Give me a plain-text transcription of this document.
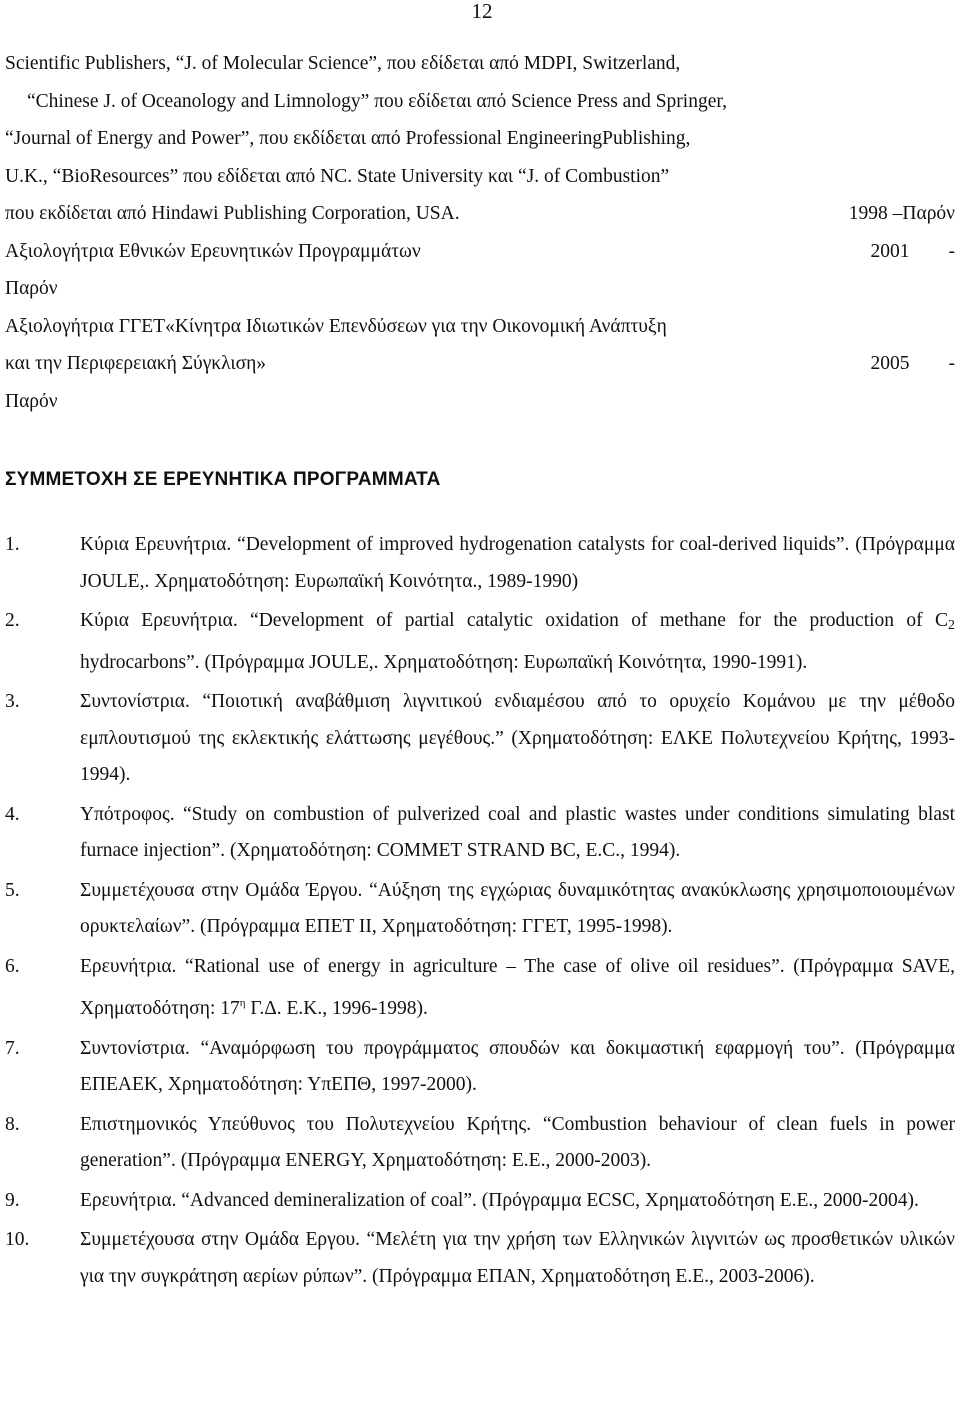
12
Scientific Publishers, “J. of Molecular Science”, που εδίδεται από MDPI, Switzerland,
“Chinese J. of Oceanology and Limnology” που εδίδεται από Science Press and Springer,
“Journal of Energy and Power”, που εκδίδεται από Professional EngineeringPublishing,
U.K., “BioResources” που εδίδεται από NC. State University και “J. of Combustion”
που εκδίδεται από Hindawi Publishing Corporation, USA.	1998 –Παρόν
Αξιολογήτρια Εθνικών Ερευνητικών Προγραμμάτων	2001        -
Παρόν
Αξιολογήτρια ΓΓΕΤ«Κίνητρα Ιδιωτικών Επενδύσεων για την Οικονομική Ανάπτυξη
και την Περιφερειακή Σύγκλιση»	2005        -
Παρόν
ΣΥΜΜΕΤΟΧΗ ΣΕ ΕΡΕΥΝΗΤΙΚΑ ΠΡΟΓΡΑΜΜΑΤΑ
1.	Κύρια Ερευνήτρια. “Development of improved hydrogenation catalysts for coal-derived liquids”. (Πρόγραμμα JOULE,. Χρηματοδότηση: Ευρωπαϊκή Κοινότητα., 1989-1990)
2.	Κύρια Ερευνήτρια. “Development of partial catalytic oxidation of methane for the production of $C_2$ hydrocarbons”. (Πρόγραμμα JOULE,. Χρηματοδότηση: Ευρωπαϊκή Κοινότητα, 1990-1991).
3.	Συντονίστρια. “Ποιοτική αναβάθμιση λιγνιτικού ενδιαμέσου από το ορυχείο Κομάνου με την μέθοδο εμπλουτισμού της εκλεκτικής ελάττωσης μεγέθους.” (Χρηματοδότηση: ΕΛΚΕ Πολυτεχνείου Κρήτης, 1993-1994).
4.	Υπότροφος. “Study on combustion of pulverized coal and plastic wastes under conditions simulating blast furnace injection”. (Χρηματοδότηση: COMMET STRAND BC, E.C., 1994).
5.	Συμμετέχουσα στην Ομάδα Έργου. “Αύξηση της εγχώριας δυναμικότητας ανακύκλωσης χρησιμοποιουμένων ορυκτελαίων”. (Πρόγραμμα ΕΠΕΤ ΙΙ, Χρηματοδότηση: ΓΓΕΤ, 1995-1998).
6.	Ερευνήτρια. “Rational use of energy in agriculture – The case of olive oil residues”. (Πρόγραμμα SAVE, Χρηματοδότηση: $17^\eta$ Γ.Δ. Ε.Κ., 1996-1998).
7.	Συντονίστρια. “Αναμόρφωση του προγράμματος σπουδών και δοκιμαστική εφαρμογή του”. (Πρόγραμμα ΕΠΕΑΕΚ, Χρηματοδότηση: ΥπΕΠΘ, 1997-2000).
8.	Επιστημονικός Υπεύθυνος του Πολυτεχνείου Κρήτης. “Combustion behaviour of clean fuels in power generation”. (Πρόγραμμα ENERGY, Χρηματοδότηση: Ε.Ε., 2000-2003).
9.	Ερευνήτρια. “Advanced demineralization of coal”. (Πρόγραμμα ECSC, Χρηματοδότηση Ε.Ε., 2000-2004).
10.	Συμμετέχουσα στην Ομάδα Εργου. “Μελέτη για την χρήση των Ελληνικών λιγνιτών ως προσθετικών υλικών για την συγκράτηση αερίων ρύπων”. (Πρόγραμμα ΕΠΑΝ, Χρηματοδότηση Ε.Ε., 2003-2006).
